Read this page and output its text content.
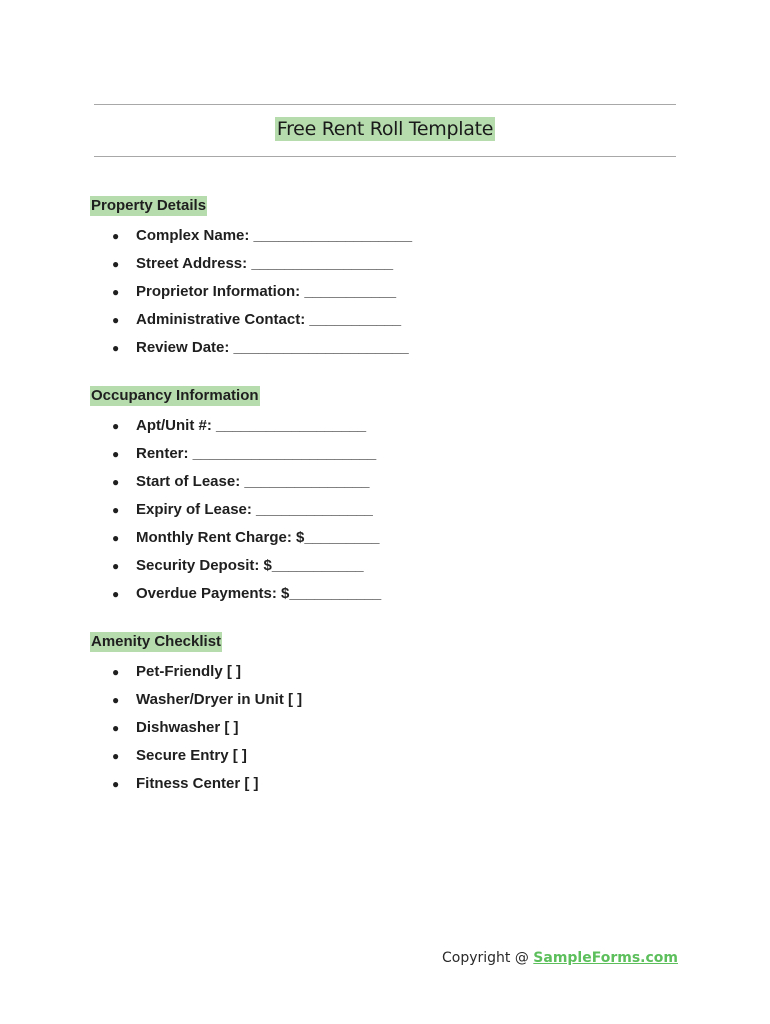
Free Rent Roll Template
Property Details
● Complex Name: ___________________
● Street Address: _________________
● Proprietor Information: ___________
● Administrative Contact: ___________
● Review Date: _____________________
Occupancy Information
● Apt/Unit #: __________________
● Renter: ______________________
● Start of Lease: _______________
● Expiry of Lease: ______________
● Monthly Rent Charge: $_________
● Security Deposit: $___________
● Overdue Payments: $___________
Amenity Checklist
● Pet-Friendly [ ]
● Washer/Dryer in Unit [ ]
● Dishwasher [ ]
● Secure Entry [ ]
● Fitness Center [ ]
Copyright @ SampleForms.com
